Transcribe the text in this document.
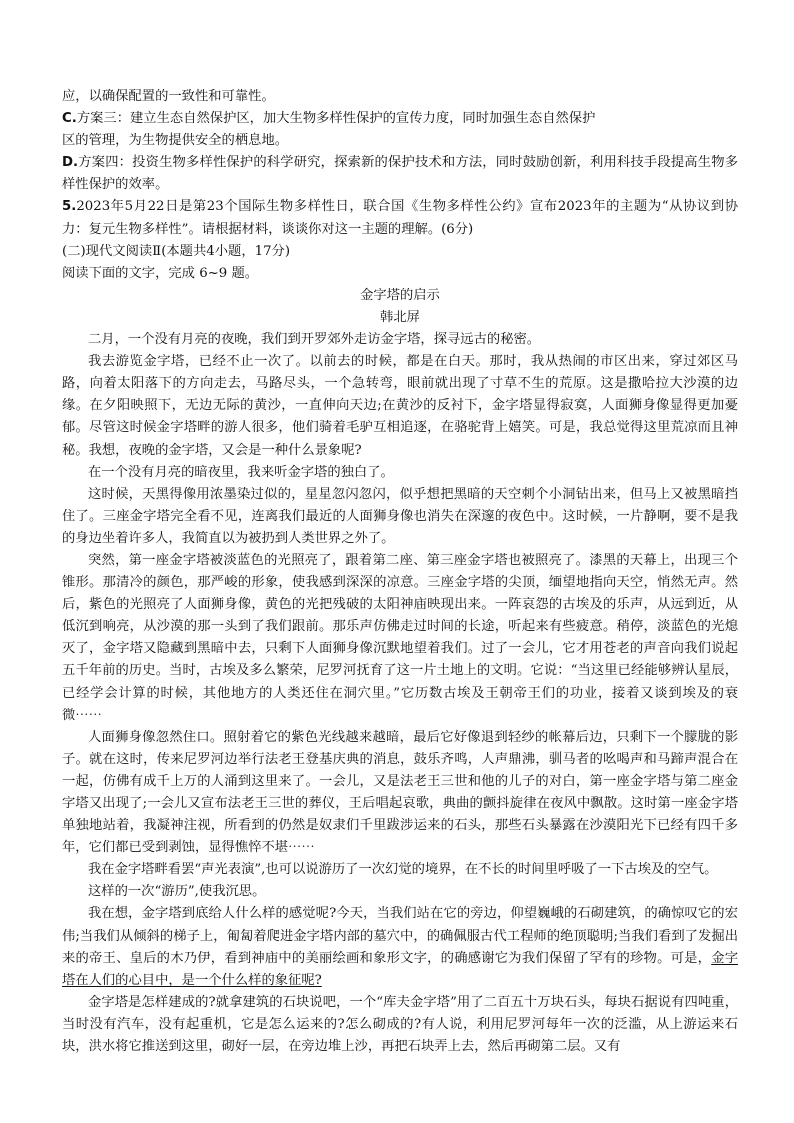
应，以确保配置的一致性和可靠性。

C.方案三：建立生态自然保护区，加大生物多样性保护的宣传力度，同时加强生态自然保护

区的管理，为生物提供安全的栖息地。

D.方案四：投资生物多样性保护的科学研究，探索新的保护技术和方法，同时鼓励创新，利用科技手段提高生物多样性保护的效率。

5.2023年5月22日是第23个国际生物多样性日，联合国《生物多样性公约》宣布2023年的主题为“从协议到协力：复元生物多样性”。请根据材料，谈谈你对这一主题的理解。(6分)

(二)现代文阅读Ⅱ(本题共4小题，17分)

阅读下面的文字，完成 6~9 题。

金字塔的启示

韩北屏

二月，一个没有月亮的夜晚，我们到开罗郊外走访金字塔，探寻远古的秘密。

我去游览金字塔，已经不止一次了。以前去的时候，都是在白天。那时，我从热闹的市区出来，穿过郊区马路，向着太阳落下的方向走去，马路尽头，一个急转弯，眼前就出现了寸草不生的荒原。这是撒哈拉大沙漠的边缘。在夕阳映照下，无边无际的黄沙，一直伸向天边;在黄沙的反衬下，金字塔显得寂寞，人面狮身像显得更加憂郁。尽管这时候金字塔畔的游人很多，他们骑着毛驴互相追逐，在骆驼背上嬉笑。可是，我总觉得这里荒凉而且神秘。我想，夜晚的金字塔，又会是一种什么景象呢?

在一个没有月亮的暗夜里，我来听金字塔的独白了。

这时候，天黑得像用浓墨染过似的，星星忽闪忽闪，似乎想把黑暗的天空刺个小洞钻出来，但马上又被黑暗挡住了。三座金字塔完全看不见，连离我们最近的人面狮身像也消失在深邃的夜色中。这时候，一片静啊，要不是我的身边坐着许多人，我简直以为被扔到人类世界之外了。

突然，第一座金字塔被淡蓝色的光照亮了，跟着第二座、第三座金字塔也被照亮了。漆黑的天幕上，出现三个锥形。那清冷的颜色，那严峻的形象，使我感到深深的凉意。三座金字塔的尖顶，缅望地指向天空，悄然无声。然后，紫色的光照亮了人面狮身像，黄色的光把残破的太阳神庙映现出来。一阵哀怨的古埃及的乐声，从远到近，从低沉到响亮，从沙漠的那一头到了我们跟前。那乐声仿佛走过时间的长途，听起来有些疲意。稍停，淡蓝色的光熄灭了，金字塔又隐藏到黑暗中去，只剩下人面狮身像沉默地望着我们。过了一会儿，它才用苍老的声音向我们说起五千年前的历史。当时，古埃及多么繁荣，尼罗河抚育了这一片土地上的文明。它说：“当这里已经能够辨认星辰，已经学会计算的时候，其他地方的人类还住在洞穴里。”它历数古埃及王朝帝王们的功业，接着又谈到埃及的衰微⋯⋯

人面狮身像忽然住口。照射着它的紫色光线越来越暗，最后它好像退到轻纱的帐幕后边，只剩下一个朦胧的影子。就在这时，传来尼罗河边举行法老王登基庆典的消息，鼓乐齐鸣，人声鼎沸，驯马者的吆喝声和马蹄声混合在一起，仿佛有成千上万的人涌到这里来了。一会儿，又是法老王三世和他的儿子的对白，第一座金字塔与第二座金字塔又出现了;一会儿又宣布法老王三世的葬仪，王后唱起哀歌，典曲的颤抖旋律在夜风中飘散。这时第一座金字塔单独地站着，我凝神注视，所看到的仍然是奴隶们千里跋涉运来的石头，那些石头暴露在沙漠阳光下已经有四千多年，它们都已受到剥蚀，显得憔悴不堪⋯⋯

我在金字塔畔看罢“声光表演”,也可以说游历了一次幻觉的境界，在不长的时间里呼吸了一下古埃及的空气。

这样的一次“游历”,使我沉思。

我在想，金字塔到底给人什么样的感觉呢?今天，当我们站在它的旁边，仰望巍峨的石砌建筑，的确惊叹它的宏伟;当我们从倾斜的梯子上，匍匐着爬进金字塔内部的墓穴中，的确佩服古代工程师的绝顶聪明;当我们看到了发掘出来的帝王、皇后的木乃伊，看到神庙中的美丽绘画和象形文字，的确感谢它为我们保留了罕有的珍物。可是，金字塔在人们的心目中，是一个什么样的象征呢?

金字塔是怎样建成的?就拿建筑的石块说吧，一个“库夫金字塔”用了二百五十万块石头，每块石据说有四吨重，当时没有汽车，没有起重机，它是怎么运来的?怎么砌成的?有人说，利用尼罗河每年一次的泛滥，从上游运来石块，洪水将它推送到这里，砌好一层，在旁边堆上沙，再把石块弄上去，然后再砌第二层。又有
